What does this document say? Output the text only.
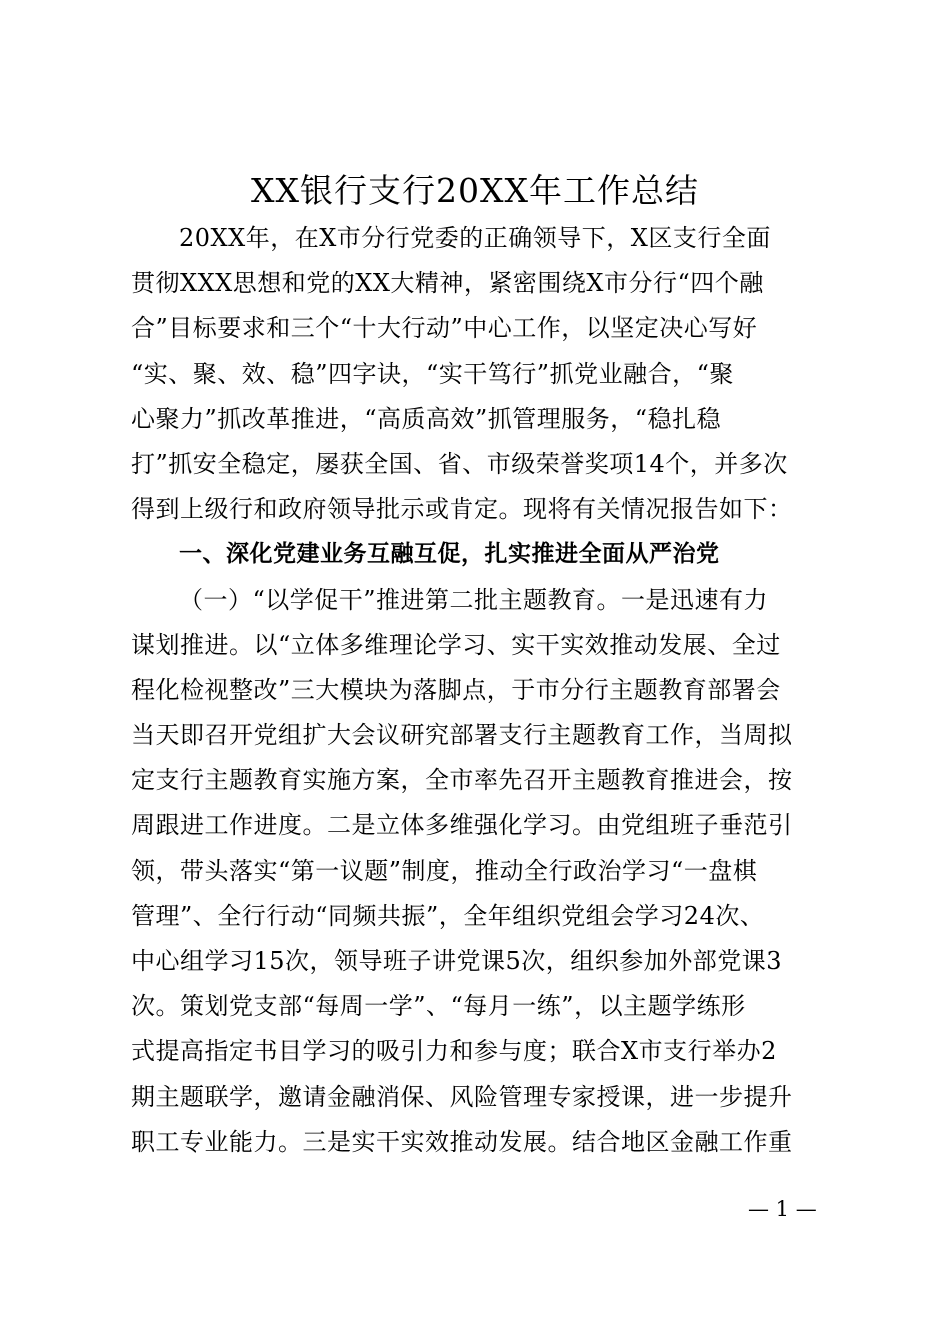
XX银行支行20XX年工作总结
20XX年，在X市分行党委的正确领导下，X区支行全面
贯彻XXX思想和党的XX大精神，紧密围绕X市分行“四个融
合”目标要求和三个“十大行动”中心工作，以坚定决心写好
“实、聚、效、稳”四字诀，“实干笃行”抓党业融合，“聚
心聚力”抓改革推进，“高质高效”抓管理服务，“稳扎稳
打”抓安全稳定，屡获全国、省、市级荣誉奖项14个，并多次
得到上级行和政府领导批示或肯定。现将有关情况报告如下：
一、深化党建业务互融互促，扎实推进全面从严治党
（一）“以学促干”推进第二批主题教育。一是迅速有力
谋划推进。以“立体多维理论学习、实干实效推动发展、全过
程化检视整改”三大模块为落脚点，于市分行主题教育部署会
当天即召开党组扩大会议研究部署支行主题教育工作，当周拟
定支行主题教育实施方案，全市率先召开主题教育推进会，按
周跟进工作进度。二是立体多维强化学习。由党组班子垂范引
领，带头落实“第一议题”制度，推动全行政治学习“一盘棋
管理”、全行行动“同频共振”，全年组织党组会学习24次、
中心组学习15次，领导班子讲党课5次，组织参加外部党课3
次。策划党支部“每周一学”、“每月一练”，以主题学练形
式提高指定书目学习的吸引力和参与度；联合X市支行举办2
期主题联学，邀请金融消保、风险管理专家授课，进一步提升
职工专业能力。三是实干实效推动发展。结合地区金融工作重
— 1 —
